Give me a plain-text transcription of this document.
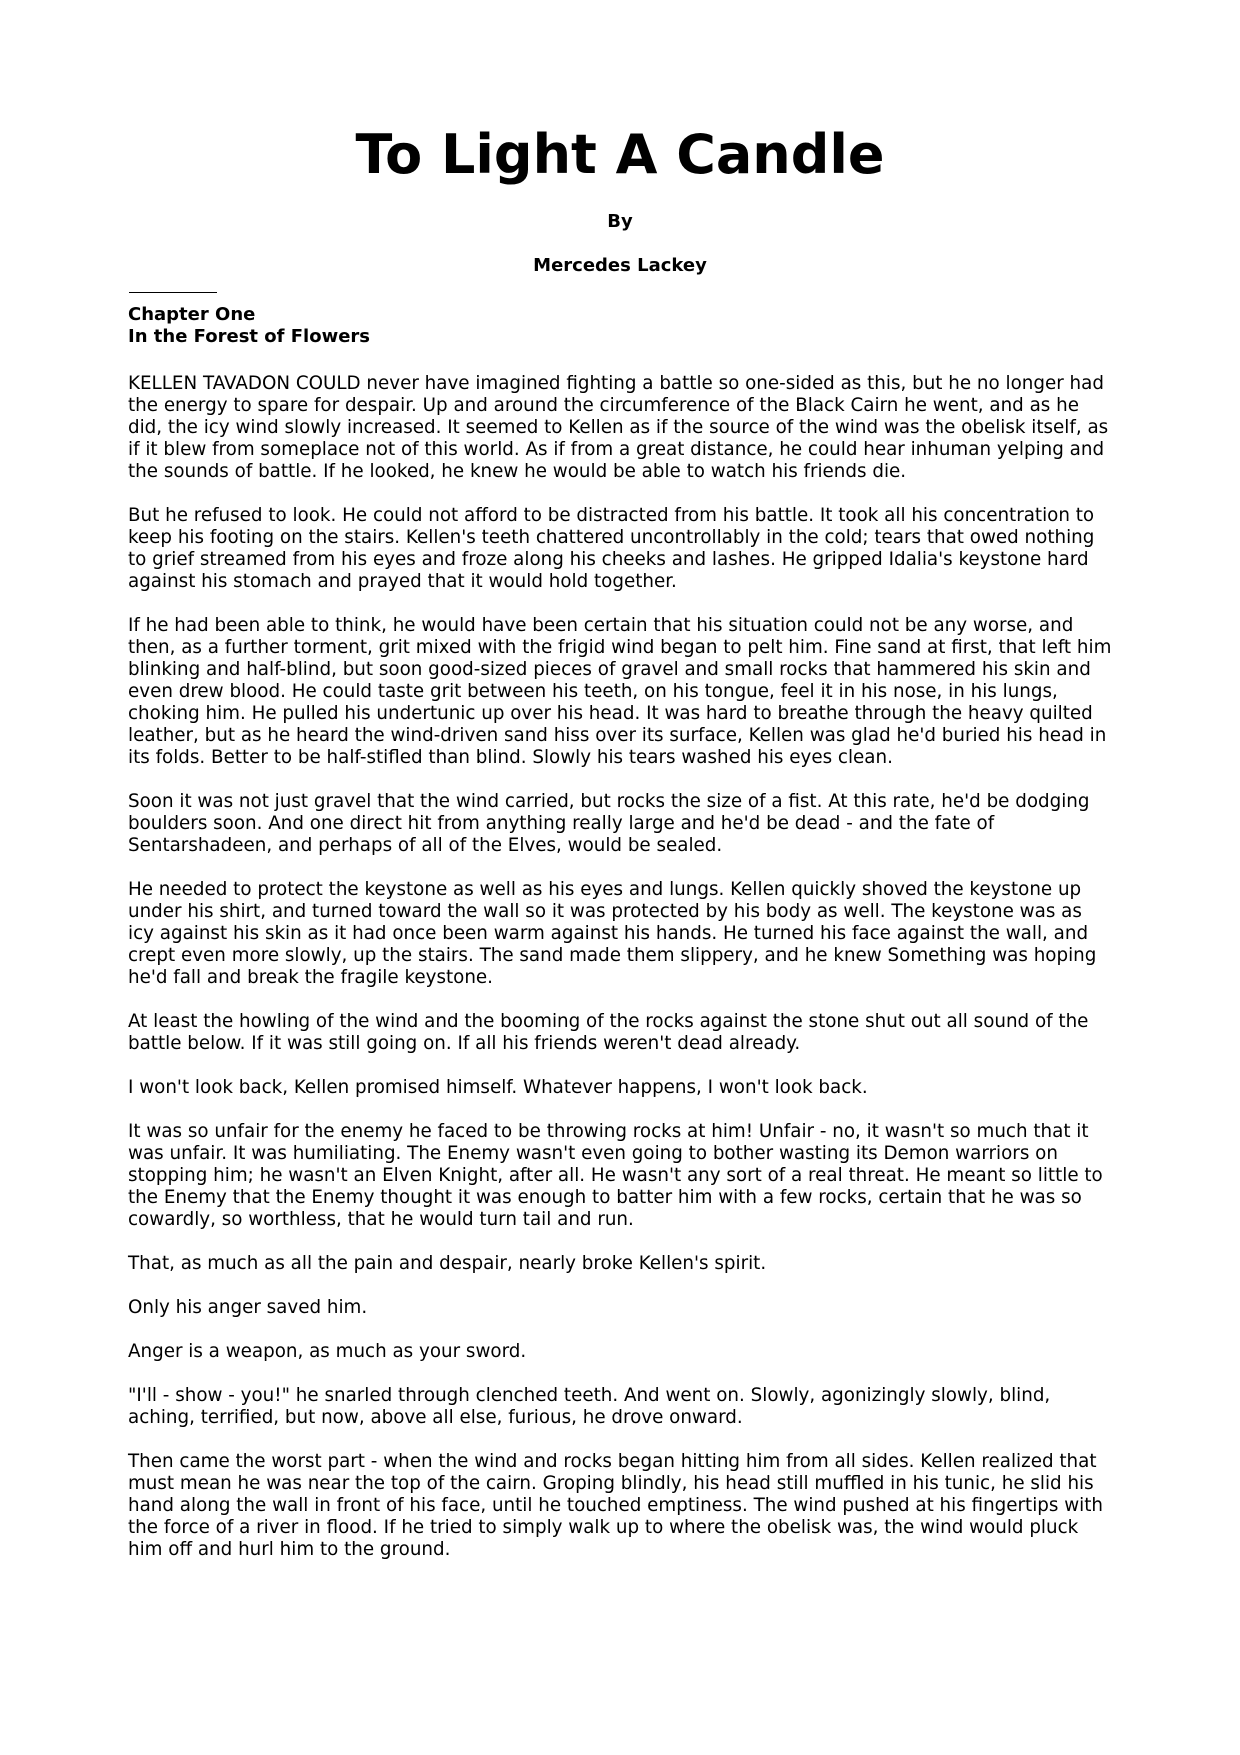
To Light A Candle
By
Mercedes Lackey
Chapter One
In the Forest of Flowers

KELLEN TAVADON COULD never have imagined fighting a battle so one-sided as this, but he no longer had the energy to spare for despair. Up and around the circumference of the Black Cairn he went, and as he did, the icy wind slowly increased. It seemed to Kellen as if the source of the wind was the obelisk itself, as if it blew from someplace not of this world. As if from a great distance, he could hear inhuman yelping and the sounds of battle. If he looked, he knew he would be able to watch his friends die.

But he refused to look. He could not afford to be distracted from his battle. It took all his concentration to keep his footing on the stairs. Kellen's teeth chattered uncontrollably in the cold; tears that owed nothing to grief streamed from his eyes and froze along his cheeks and lashes. He gripped Idalia's keystone hard against his stomach and prayed that it would hold together.

If he had been able to think, he would have been certain that his situation could not be any worse, and then, as a further torment, grit mixed with the frigid wind began to pelt him. Fine sand at first, that left him blinking and half-blind, but soon good-sized pieces of gravel and small rocks that hammered his skin and even drew blood. He could taste grit between his teeth, on his tongue, feel it in his nose, in his lungs, choking him. He pulled his undertunic up over his head. It was hard to breathe through the heavy quilted leather, but as he heard the wind-driven sand hiss over its surface, Kellen was glad he'd buried his head in its folds. Better to be half-stifled than blind. Slowly his tears washed his eyes clean.

Soon it was not just gravel that the wind carried, but rocks the size of a fist. At this rate, he'd be dodging boulders soon. And one direct hit from anything really large and he'd be dead - and the fate of Sentarshadeen, and perhaps of all of the Elves, would be sealed.

He needed to protect the keystone as well as his eyes and lungs. Kellen quickly shoved the keystone up under his shirt, and turned toward the wall so it was protected by his body as well. The keystone was as icy against his skin as it had once been warm against his hands. He turned his face against the wall, and crept even more slowly, up the stairs. The sand made them slippery, and he knew Something was hoping he'd fall and break the fragile keystone.

At least the howling of the wind and the booming of the rocks against the stone shut out all sound of the battle below. If it was still going on. If all his friends weren't dead already.

I won't look back, Kellen promised himself. Whatever happens, I won't look back.

It was so unfair for the enemy he faced to be throwing rocks at him! Unfair - no, it wasn't so much that it was unfair. It was humiliating. The Enemy wasn't even going to bother wasting its Demon warriors on stopping him; he wasn't an Elven Knight, after all. He wasn't any sort of a real threat. He meant so little to the Enemy that the Enemy thought it was enough to batter him with a few rocks, certain that he was so cowardly, so worthless, that he would turn tail and run.

That, as much as all the pain and despair, nearly broke Kellen's spirit.

Only his anger saved him.

Anger is a weapon, as much as your sword.

"I'll - show - you!" he snarled through clenched teeth. And went on. Slowly, agonizingly slowly, blind, aching, terrified, but now, above all else, furious, he drove onward.

Then came the worst part - when the wind and rocks began hitting him from all sides. Kellen realized that must mean he was near the top of the cairn. Groping blindly, his head still muffled in his tunic, he slid his hand along the wall in front of his face, until he touched emptiness. The wind pushed at his fingertips with the force of a river in flood. If he tried to simply walk up to where the obelisk was, the wind would pluck him off and hurl him to the ground.
